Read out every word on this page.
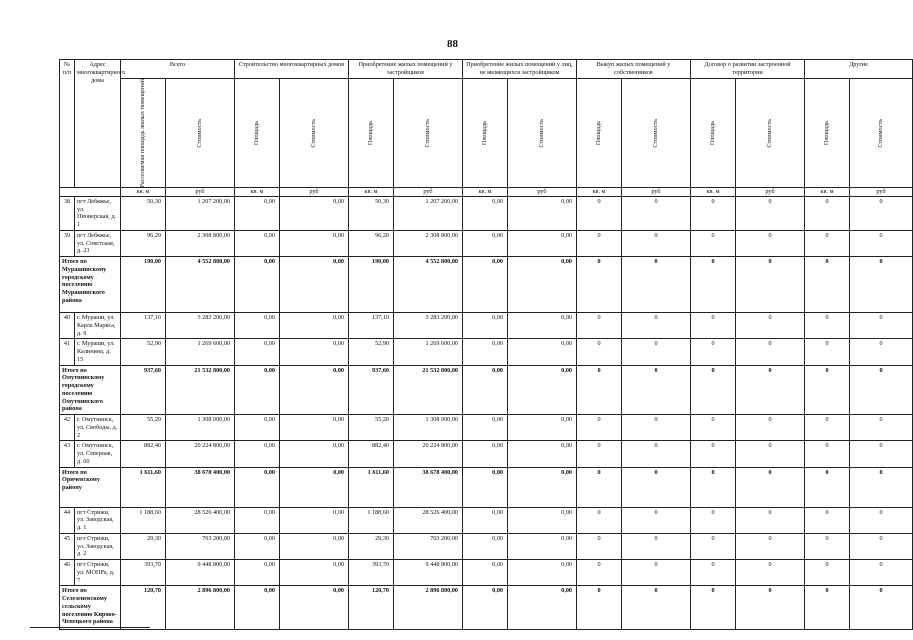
88
№ п/п	Адрес многоквартирного дома	Всего		Строительство многоквартирных домов		Приобретение жилых помещений у застройщиков		Приобретение жилых помещений у лиц, не являющихся застройщиком		Выкуп жилых помещений у собственников		Договор о развитии застроенной территории		Другие	

		Расселяемая площадь жилых помещений	Стоимость	Площадь	Стоимость	Площадь	Стоимость	Площадь	Стоимость	Площадь	Стоимость	Площадь	Стоимость	Площадь	Стоимость

		кв. м	руб	кв. м	руб	кв. м	руб	кв. м	руб	кв. м	руб	кв. м	руб	кв. м	руб
38	пгт Лебяжье, ул. Пионерская, д. 1	50,30	1 207 200,00	0,00	0,00	50,30	1 207 200,00	0,00	0,00	0	0	0	0	0	0
39	пгт Лебяжье, ул. Советская, д. 23	96,20	2 308 800,00	0,00	0,00	96,20	2 308 800,00	0,00	0,00	0	0	0	0	0	0
Итого по Мурашинскому городскому поселению Мурашинского района		190,00	4 552 800,00	0,00	0,00	190,00	4 552 800,00	0,00	0,00	0	0	0	0	0	0
40	г. Мураши, ул. Карла Маркса, д. 9	137,10	3 283 200,00	0,00	0,00	137,10	3 283 200,00	0,00	0,00	0	0	0	0	0	0
41	г. Мураши, ул. Калинина, д. 15	52,90	1 269 600,00	0,00	0,00	52,90	1 269 600,00	0,00	0,00	0	0	0	0	0	0
Итого по Омутнинскому городскому поселению Омутнинского района		937,60	21 532 800,00	0,00	0,00	937,60	21 532 800,00	0,00	0,00	0	0	0	0	0	0
42	г. Омутнинск, ул. Свободы, д. 2	55,20	1 308 000,00	0,00	0,00	55,20	1 308 000,00	0,00	0,00	0	0	0	0	0	0
43	г. Омутнинск, ул. Северная, д. 60	882,40	20 224 800,00	0,00	0,00	882,40	20 224 800,00	0,00	0,00	0	0	0	0	0	0
Итого по Оричевскому району		1 611,60	38 678 400,00	0,00	0,00	1 611,60	38 678 400,00	0,00	0,00	0	0	0	0	0	0
44	пгт Стрижи, ул. Заводская, д. 1	1 188,60	28 526 400,00	0,00	0,00	1 188,60	28 526 400,00	0,00	0,00	0	0	0	0	0	0
45	пгт Стрижи, ул. Заводская, д. 2	29,30	703 200,00	0,00	0,00	29,30	703 200,00	0,00	0,00	0	0	0	0	0	0
46	пгт Стрижи, ул. МОПРа, д. 7	393,70	9 448 800,00	0,00	0,00	393,70	9 448 800,00	0,00	0,00	0	0	0	0	0	0
Итого по Селезеневскому сельскому поселению Кирово-Чепецкого района		120,70	2 896 800,00	0,00	0,00	120,70	2 896 800,00	0,00	0,00	0	0	0	0	0	0
